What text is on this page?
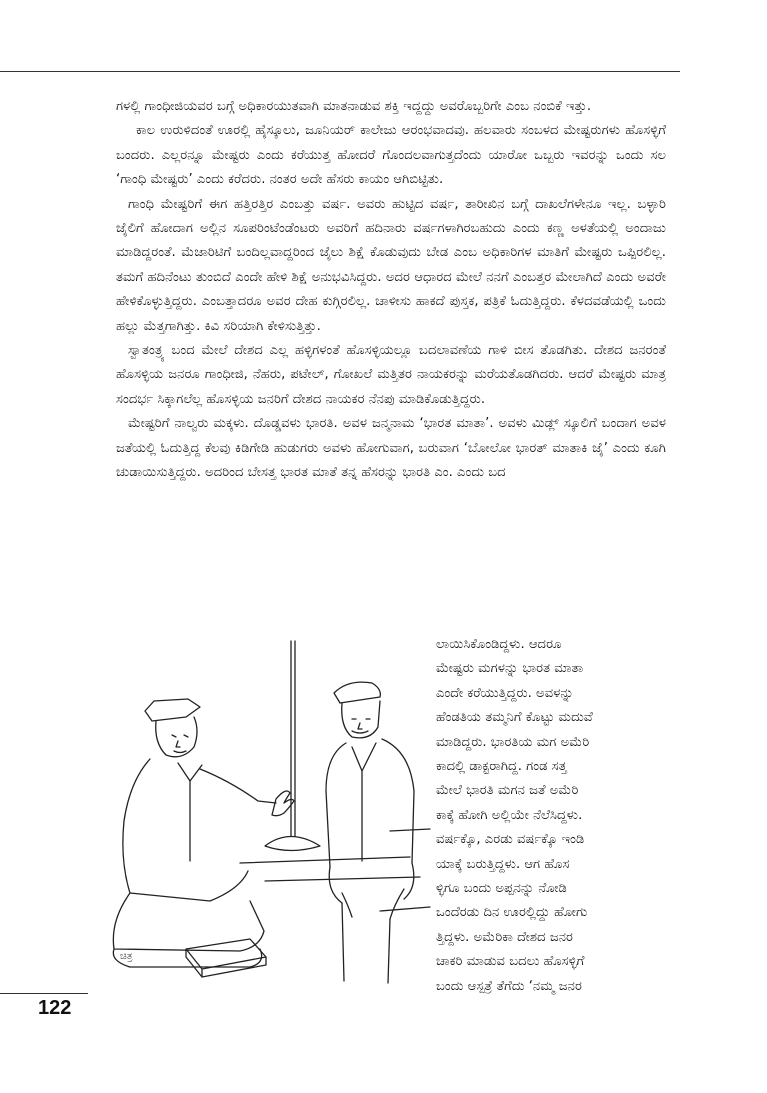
ಗಳಲ್ಲಿ ಗಾಂಧೀಜಿಯವರ ಬಗ್ಗೆ ಅಧಿಕಾರಯುತವಾಗಿ ಮಾತನಾಡುವ ಶಕ್ತಿ ಇದ್ದದ್ದು ಅವರೊಬ್ಬರಿಗೇ ಎಂಬ ನಂಬಿಕೆ ಇತ್ತು.

ಕಾಲ ಉರುಳಿದಂತೆ ಊರಲ್ಲಿ ಹೈಸ್ಕೂಲು, ಜೂನಿಯರ್ ಕಾಲೇಜು ಆರಂಭವಾದವು. ಹಲವಾರು ಸಂಬಳದ ಮೇಷ್ಟರುಗಳು ಹೊಸಳ್ಳಿಗೆ ಬಂದರು. ಎಲ್ಲರನ್ನೂ ಮೇಷ್ಟರು ಎಂದು ಕರೆಯುತ್ತ ಹೋದರೆ ಗೊಂದಲವಾಗುತ್ತದೆಂದು ಯಾರೋ ಒಬ್ಬರು ಇವರನ್ನು ಒಂದು ಸಲ ‘ಗಾಂಧಿ ಮೇಷ್ಟರು’ ಎಂದು ಕರೆದರು. ನಂತರ ಅದೇ ಹೆಸರು ಕಾಯಂ ಆಗಿಬಿಟ್ಟಿತು.

ಗಾಂಧಿ ಮೇಷ್ಟರಿಗೆ ಈಗ ಹತ್ತಿರತ್ತಿರ ಎಂಬತ್ತು ವರ್ಷ. ಅವರು ಹುಟ್ಟಿದ ವರ್ಷ, ತಾರೀಖಿನ ಬಗ್ಗೆ ದಾಖಲೆಗಳೇನೂ ಇಲ್ಲ. ಬಳ್ಳಾರಿ ಜೈಲಿಗೆ ಹೋದಾಗ ಅಲ್ಲಿನ ಸೂಪರಿಂಟೆಂಡೆಂಟರು ಅವರಿಗೆ ಹದಿನಾರು ವರ್ಷಗಳಾಗಿರಬಹುದು ಎಂದು ಕಣ್ಣ ಅಳತೆಯಲ್ಲಿ ಅಂದಾಜು ಮಾಡಿದ್ದರಂತೆ. ಮೆಜಾರಿಟಿಗೆ ಬಂದಿಲ್ಲವಾದ್ದರಿಂದ ಜೈಲು ಶಿಕ್ಷೆ ಕೊಡುವುದು ಬೇಡ ಎಂಬ ಅಧಿಕಾರಿಗಳ ಮಾತಿಗೆ ಮೇಷ್ಟರು ಒಪ್ಪಿರಲಿಲ್ಲ. ತಮಗೆ ಹದಿನೆಂಟು ತುಂಬಿದೆ ಎಂದೇ ಹೇಳಿ ಶಿಕ್ಷೆ ಅನುಭವಿಸಿದ್ದರು. ಅದರ ಆಧಾರದ ಮೇಲೆ ನನಗೆ ಎಂಬತ್ತರ ಮೇಲಾಗಿದೆ ಎಂದು ಅವರೇ ಹೇಳಿಕೊಳ್ಳುತ್ತಿದ್ದರು. ಎಂಬತ್ತಾದರೂ ಅವರ ದೇಹ ಕುಗ್ಗಿರಲಿಲ್ಲ. ಚಾಳೀಸು ಹಾಕದೆ ಪುಸ್ತಕ, ಪತ್ರಿಕೆ ಓದುತ್ತಿದ್ದರು. ಕೆಳದವಡೆಯಲ್ಲಿ ಒಂದು ಹಲ್ಲು ಮೆತ್ತಗಾಗಿತ್ತು. ಕಿವಿ ಸರಿಯಾಗಿ ಕೇಳಿಸುತ್ತಿತ್ತು.

ಸ್ವಾತಂತ್ರ್ಯ ಬಂದ ಮೇಲೆ ದೇಶದ ಎಲ್ಲ ಹಳ್ಳಿಗಳಂತೆ ಹೊಸಳ್ಳಿಯಲ್ಲೂ ಬದಲಾವಣೆಯ ಗಾಳಿ ಬೀಸ ತೊಡಗಿತು. ದೇಶದ ಜನರಂತೆ ಹೊಸಳ್ಳಿಯ ಜನರೂ ಗಾಂಧೀಜಿ, ನೆಹರು, ಪಟೇಲ್, ಗೋಖಲೆ ಮತ್ತಿತರ ನಾಯಕರನ್ನು ಮರೆಯತೊಡಗಿದರು. ಆದರೆ ಮೇಷ್ಟರು ಮಾತ್ರ ಸಂದರ್ಭ ಸಿಕ್ಕಾಗಲೆಲ್ಲ ಹೊಸಳ್ಳಿಯ ಜನರಿಗೆ ದೇಶದ ನಾಯಕರ ನೆನಪು ಮಾಡಿಕೊಡುತ್ತಿದ್ದರು.

ಮೇಷ್ಟರಿಗೆ ನಾಲ್ವರು ಮಕ್ಕಳು. ದೊಡ್ಡವಳು ಭಾರತಿ. ಅವಳ ಜನ್ಮನಾಮ ‘ಭಾರತ ಮಾತಾ’. ಅವಳು ಮಿಡ್ಲ್ ಸ್ಕೂಲಿಗೆ ಬಂದಾಗ ಅವಳ ಜತೆಯಲ್ಲಿ ಓದುತ್ತಿದ್ದ ಕೆಲವು ಕಿಡಿಗೇಡಿ ಹುಡುಗರು ಅವಳು ಹೋಗುವಾಗ, ಬರುವಾಗ ‘ಬೋಲೋ ಭಾರತ್ ಮಾತಾಕಿ ಜೈ’ ಎಂದು ಕೂಗಿ ಚುಡಾಯಿಸುತ್ತಿದ್ದರು. ಅದರಿಂದ ಬೇಸತ್ತ ಭಾರತ ಮಾತೆ ತನ್ನ ಹೆಸರನ್ನು ಭಾರತಿ ಎಂ. ಎಂದು ಬದ

ಲಾಯಿಸಿಕೊಂಡಿದ್ದಳು. ಆದರೂ
ಮೇಷ್ಟರು ಮಗಳನ್ನು ಭಾರತ ಮಾತಾ
ಎಂದೇ ಕರೆಯುತ್ತಿದ್ದರು. ಅವಳನ್ನು
ಹೆಂಡತಿಯ ತಮ್ಮನಿಗೆ ಕೊಟ್ಟು ಮದುವೆ
ಮಾಡಿದ್ದರು. ಭಾರತಿಯ ಮಗ ಅಮೆರಿ
ಕಾದಲ್ಲಿ ಡಾಕ್ಟರಾಗಿದ್ದ. ಗಂಡ ಸತ್ತ
ಮೇಲೆ ಭಾರತಿ ಮಗನ ಜತೆ ಅಮೆರಿ
ಕಾಕ್ಕೆ ಹೋಗಿ ಅಲ್ಲಿಯೇ ನೆಲೆಸಿದ್ದಳು.
ವರ್ಷಕ್ಕೊ, ಎರಡು ವರ್ಷಕ್ಕೊ ಇಂಡಿ
ಯಾಕ್ಕೆ ಬರುತ್ತಿದ್ದಳು. ಆಗ ಹೊಸ
ಳ್ಳಿಗೂ ಬಂದು ಅಪ್ಪನನ್ನು ನೋಡಿ
ಒಂದೆರಡು ದಿನ ಊರಲ್ಲಿದ್ದು ಹೋಗು
ತ್ತಿದ್ದಳು. ಅಮೆರಿಕಾ ದೇಶದ ಜನರ
ಚಾಕರಿ ಮಾಡುವ ಬದಲು ಹೊಸಳ್ಳಿಗೆ
ಬಂದು ಆಸ್ಪತ್ರೆ ತೆಗೆದು ‘ನಮ್ಮ ಜನರ
ಚಿತ್ರ
122
